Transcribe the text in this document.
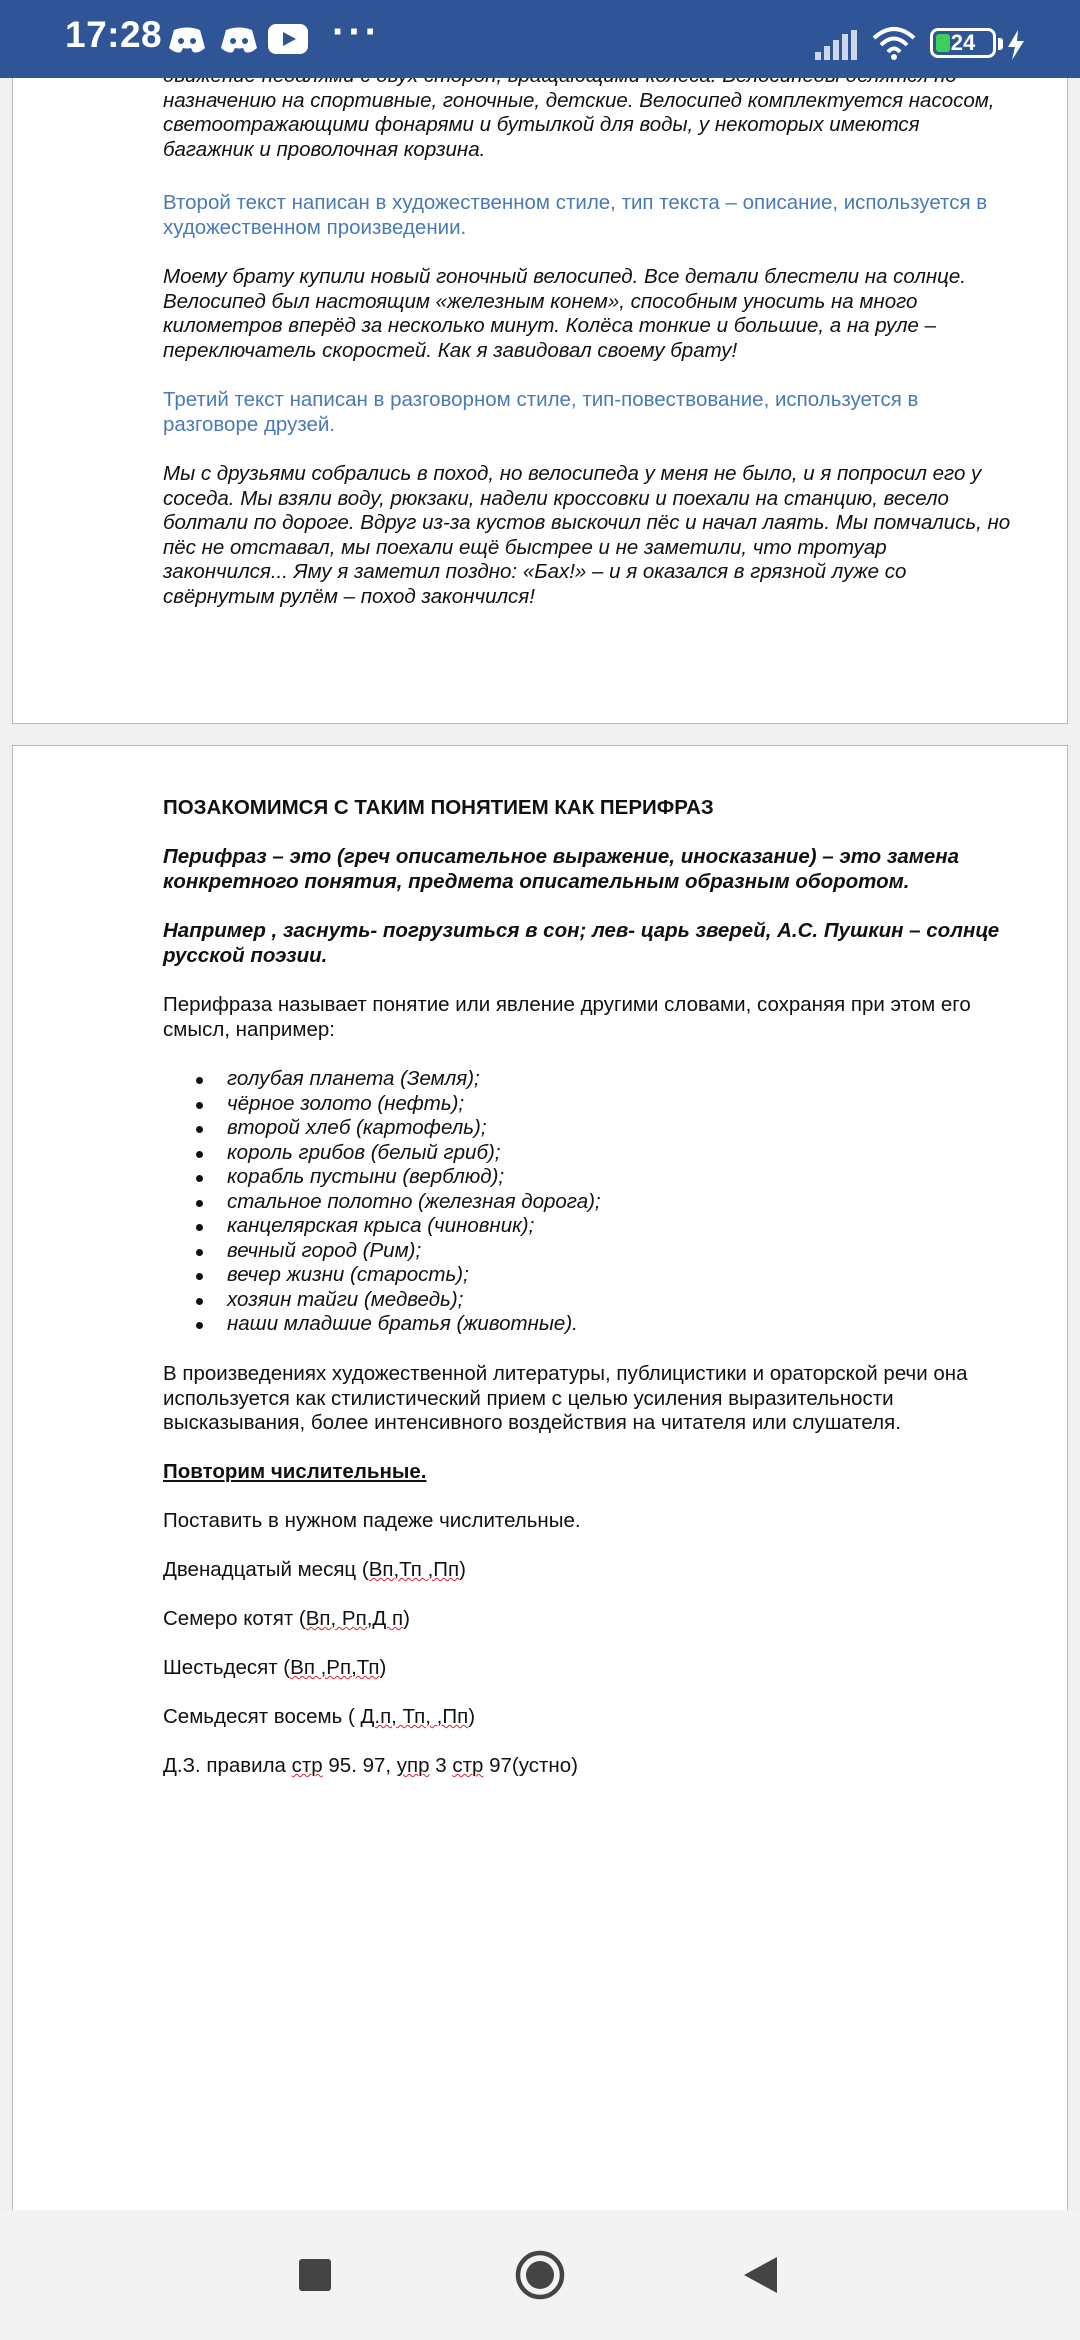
17:28	···	24
назначению на спортивные, гоночные, детские. Велосипед комплектуется насосом, светоотражающими фонарями и бутылкой для воды, у некоторых имеются багажник и проволочная корзина.
Второй текст написан в художественном стиле, тип текста – описание, используется в художественном произведении.
Моему брату купили новый гоночный велосипед. Все детали блестели на солнце. Велосипед был настоящим «железным конем», способным уносить на много километров вперёд за несколько минут. Колёса тонкие и большие, а на руле – переключатель скоростей. Как я завидовал своему брату!
Третий текст написан в разговорном стиле, тип-повествование, используется в разговоре друзей.
Мы с друзьями собрались в поход, но велосипеда у меня не было, и я попросил его у соседа. Мы взяли воду, рюкзаки, надели кроссовки и поехали на станцию, весело болтали по дороге. Вдруг из-за кустов выскочил пёс и начал лаять. Мы помчались, но пёс не отставал, мы поехали ещё быстрее и не заметили, что тротуар закончился... Яму я заметил поздно: «Бах!» – и я оказался в грязной луже со свёрнутым рулём – поход закончился!
ПОЗАКОМИМСЯ С ТАКИМ ПОНЯТИЕМ КАК ПЕРИФРАЗ
Перифраз – это (греч описательное выражение, иносказание) – это замена конкретного понятия, предмета описательным образным оборотом.
Например , заснуть- погрузиться в сон; лев- царь зверей, А.С. Пушкин – солнце русской поэзии.
Перифраза называет понятие или явление другими словами, сохраняя при этом его смысл, например:
голубая планета (Земля);
чёрное золото (нефть);
второй хлеб (картофель);
король грибов (белый гриб);
корабль пустыни (верблюд);
стальное полотно (железная дорога);
канцелярская крыса (чиновник);
вечный город (Рим);
вечер жизни (старость);
хозяин тайги (медведь);
наши младшие братья (животные).
В произведениях художественной литературы, публицистики и ораторской речи она используется как стилистический прием с целью усиления выразительности высказывания, более интенсивного воздействия на читателя или слушателя.
Повторим числительные.
Поставить в нужном падеже числительные.
Двенадцатый месяц (Вп,Тп ,Пп)
Семеро котят (Вп, Рп,Д п)
Шестьдесят (Вп ,Рп,Тп)
Семьдесят восемь ( Д.п, Тп, ,Пп)
Д.З. правила стр 95. 97, упр 3 стр 97(устно)
